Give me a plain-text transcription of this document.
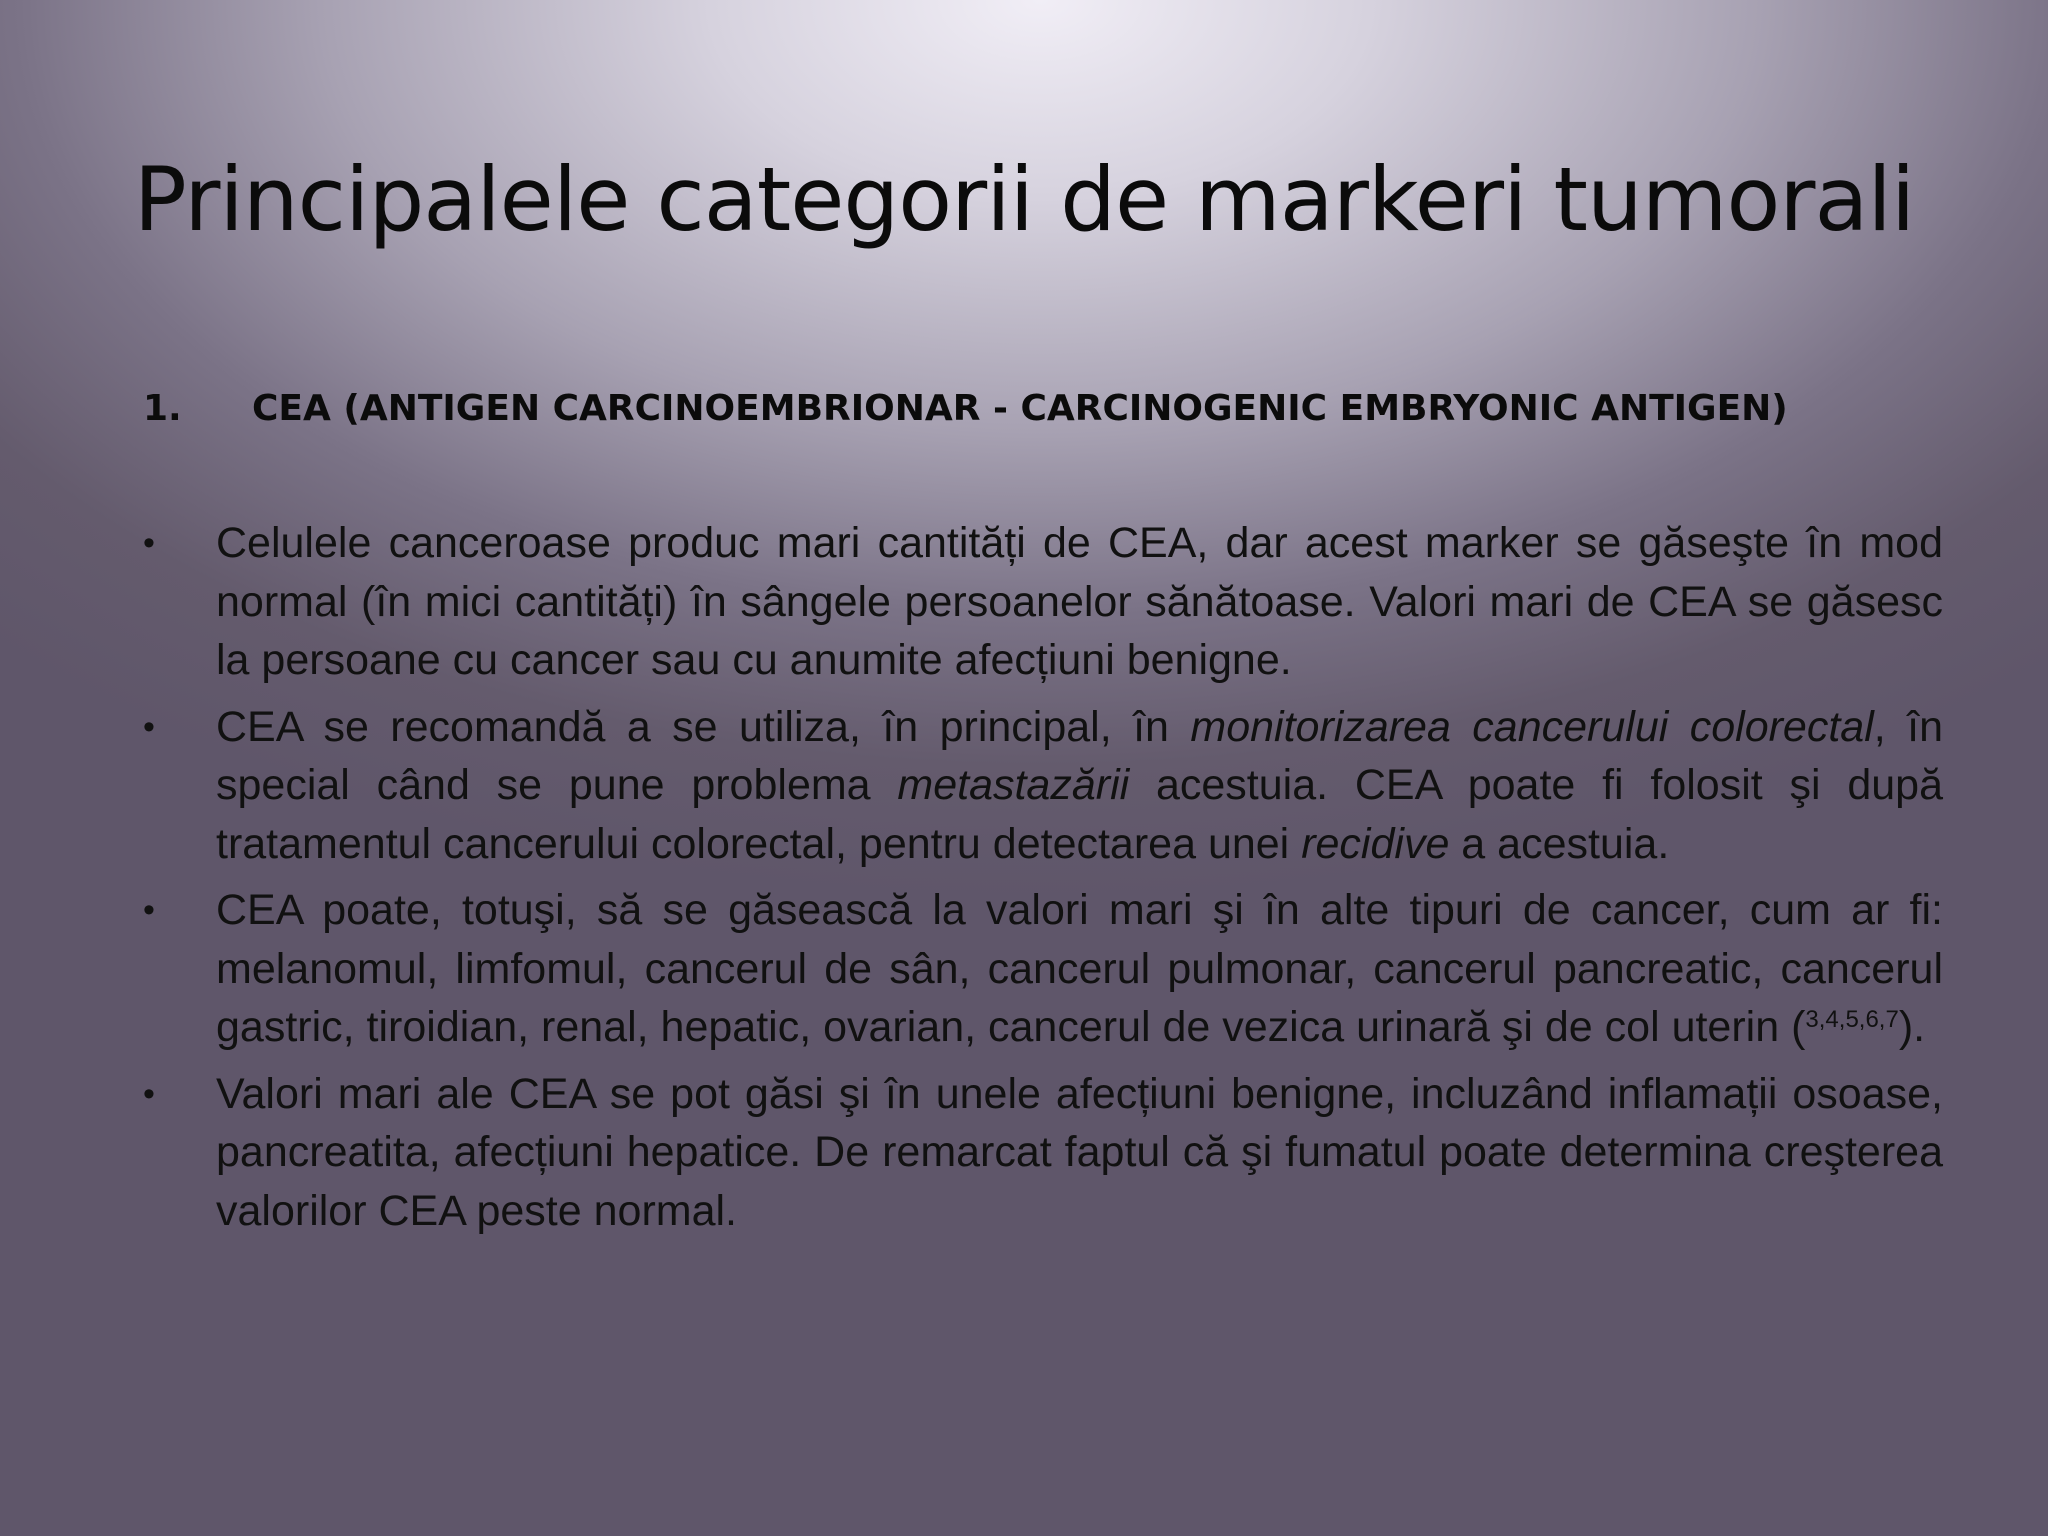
Principalele categorii de markeri tumorali
1. CEA (ANTIGEN CARCINOEMBRIONAR - CARCINOGENIC EMBRYONIC ANTIGEN)
•	Celulele canceroase produc mari cantități de CEA, dar acest marker se găseşte în mod normal (în mici cantități) în sângele persoanelor sănătoase. Valori mari de CEA se găsesc la persoane cu cancer sau cu anumite afecțiuni benigne.
•	CEA se recomandă a se utiliza, în principal, în monitorizarea cancerului colorectal, în special când se pune problema metastazării acestuia. CEA poate fi folosit şi după tratamentul cancerului colorectal, pentru detectarea unei recidive a acestuia.
•	CEA poate, totuşi, să se găsească la valori mari şi în alte tipuri de cancer, cum ar fi: melanomul, limfomul, cancerul de sân, cancerul pulmonar, cancerul pancreatic, cancerul gastric, tiroidian, renal, hepatic, ovarian, cancerul de vezica urinară şi de col uterin ($^{3,4,5,6,7}$).
•	Valori mari ale CEA se pot găsi şi în unele afecțiuni benigne, incluzând inflamații osoase, pancreatita, afecțiuni hepatice. De remarcat faptul că şi fumatul poate determina creşterea valorilor CEA peste normal.
